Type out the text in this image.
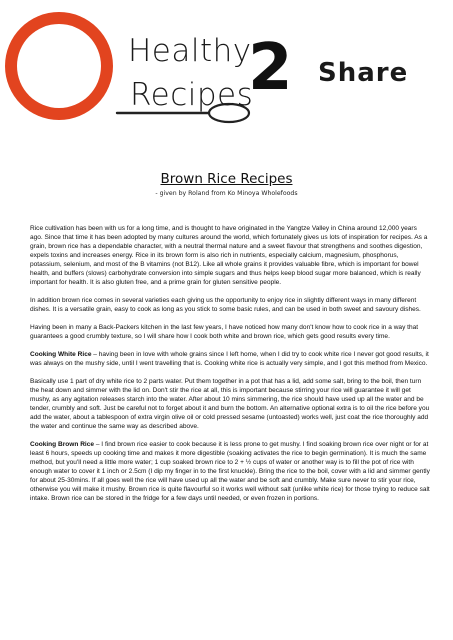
Healthy
Recipes
2 Share
Brown Rice Recipes
- given by Roland from Ko Minoya Wholefoods

Rice cultivation has been with us for a long time, and is thought to have originated in the Yangtze Valley in China around 12,000 years ago. Since that time it has been adopted by many cultures around the world, which fortunately gives us lots of inspiration for recipes. As a grain, brown rice has a dependable character, with a neutral thermal nature and a sweet flavour that strengthens and soothes digestion, expels toxins and increases energy. Rice in its brown form is also rich in nutrients, especially calcium, magnesium, phosphorus, potassium, selenium, and most of the B vitamins (not B12). Like all whole grains it provides valuable fibre, which is important for bowel health, and buffers (slows) carbohydrate conversion into simple sugars and thus helps keep blood sugar more balanced, which is really important for health. It is also gluten free, and a prime grain for gluten sensitive people.

In addition brown rice comes in several varieties each giving us the opportunity to enjoy rice in slightly different ways in many different dishes. It is a versatile grain, easy to cook as long as you stick to some basic rules, and can be used in both sweet and savoury dishes.

Having been in many a Back-Packers kitchen in the last few years, I have noticed how many don't know how to cook rice in a way that guarantees a good crumbly texture, so I will share how I cook both white and brown rice, which gets good results every time.

Cooking White Rice – having been in love with whole grains since I left home, when I did try to cook white rice I never got good results, it was always on the mushy side, until I went travelling that is. Cooking white rice is actually very simple, and I got this method from Mexico.

Basically use 1 part of dry white rice to 2 parts water. Put them together in a pot that has a lid, add some salt, bring to the boil, then turn the heat down and simmer with the lid on. Don't stir the rice at all, this is important because stirring your rice will guarantee it will get mushy, as any agitation releases starch into the water. After about 10 mins simmering, the rice should have used up all the water and be tender, crumbly and soft. Just be careful not to forget about it and burn the bottom. An alternative optional extra is to oil the rice before you add the water, about a tablespoon of extra virgin olive oil or cold pressed sesame (untoasted) works well, just coat the rice thoroughly add the water and continue the same way as described above.

Cooking Brown Rice – I find brown rice easier to cook because it is less prone to get mushy. I find soaking brown rice over night or for at least 6 hours, speeds up cooking time and makes it more digestible (soaking activates the rice to begin germination). It is much the same method, but you'll need a little more water; 1 cup soaked brown rice to 2 + ½ cups of water or another way is to fill the pot of rice with enough water to cover it 1 inch or 2.5cm (I dip my finger in to the first knuckle). Bring the rice to the boil, cover with a lid and simmer gently for about 25-30mins. If all goes well the rice will have used up all the water and be soft and crumbly. Make sure never to stir your rice, otherwise you will make it mushy. Brown rice is quite flavourful so it works well without salt (unlike white rice) for those trying to reduce salt intake. Brown rice can be stored in the fridge for a few days until needed, or even frozen in portions.
